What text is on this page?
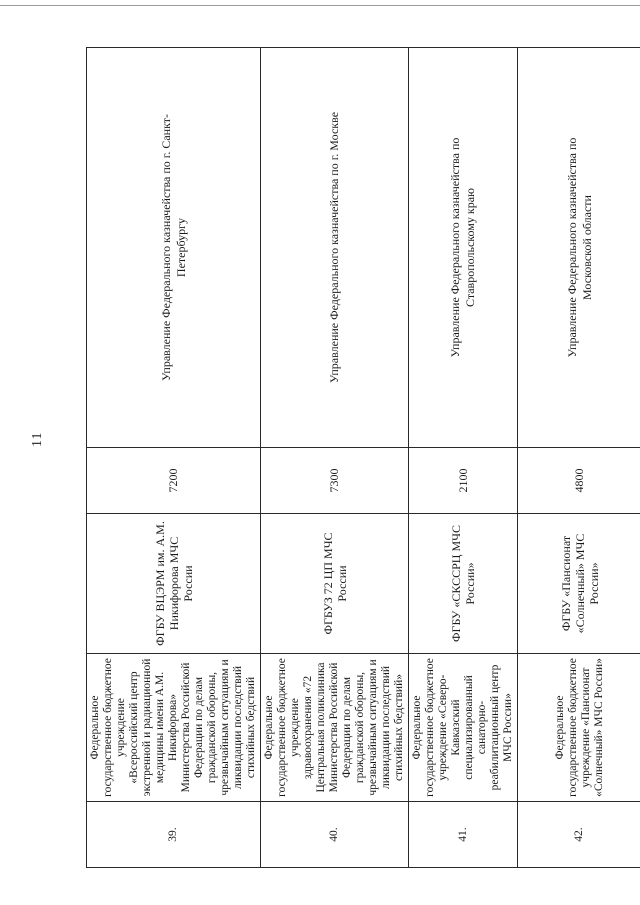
11
39.	Федеральное государственное бюджетное учреждение «Всероссийский центр экстренной и радиационной медицины имени А.М. Никифорова» Министерства Российской Федерации по делам гражданской обороны, чрезвычайным ситуациям и ликвидации последствий стихийных бедствий	ФГБУ ВЦЭРМ им. А.М. Никифорова МЧС России	7200	Управление Федерального казначейства по г. Санкт-Петербургу
40.	Федеральное государственное бюджетное учреждение здравоохранения «72 Центральная поликлиника Министерства Российской Федерации по делам гражданской обороны, чрезвычайным ситуациям и ликвидации последствий стихийных бедствий»	ФГБУЗ 72 ЦП МЧС России	7300	Управление Федерального казначейства по г. Москве
41.	Федеральное государственное бюджетное учреждение «Северо-Кавказский специализированный санаторно-реабилитационный центр МЧС России»	ФГБУ «СКССРЦ МЧС России»	2100	Управление Федерального казначейства по Ставропольскому краю
42.	Федеральное государственное бюджетное учреждение «Пансионат «Солнечный» МЧС России»	ФГБУ «Пансионат «Солнечный» МЧС России»	4800	Управление Федерального казначейства по Московской области
